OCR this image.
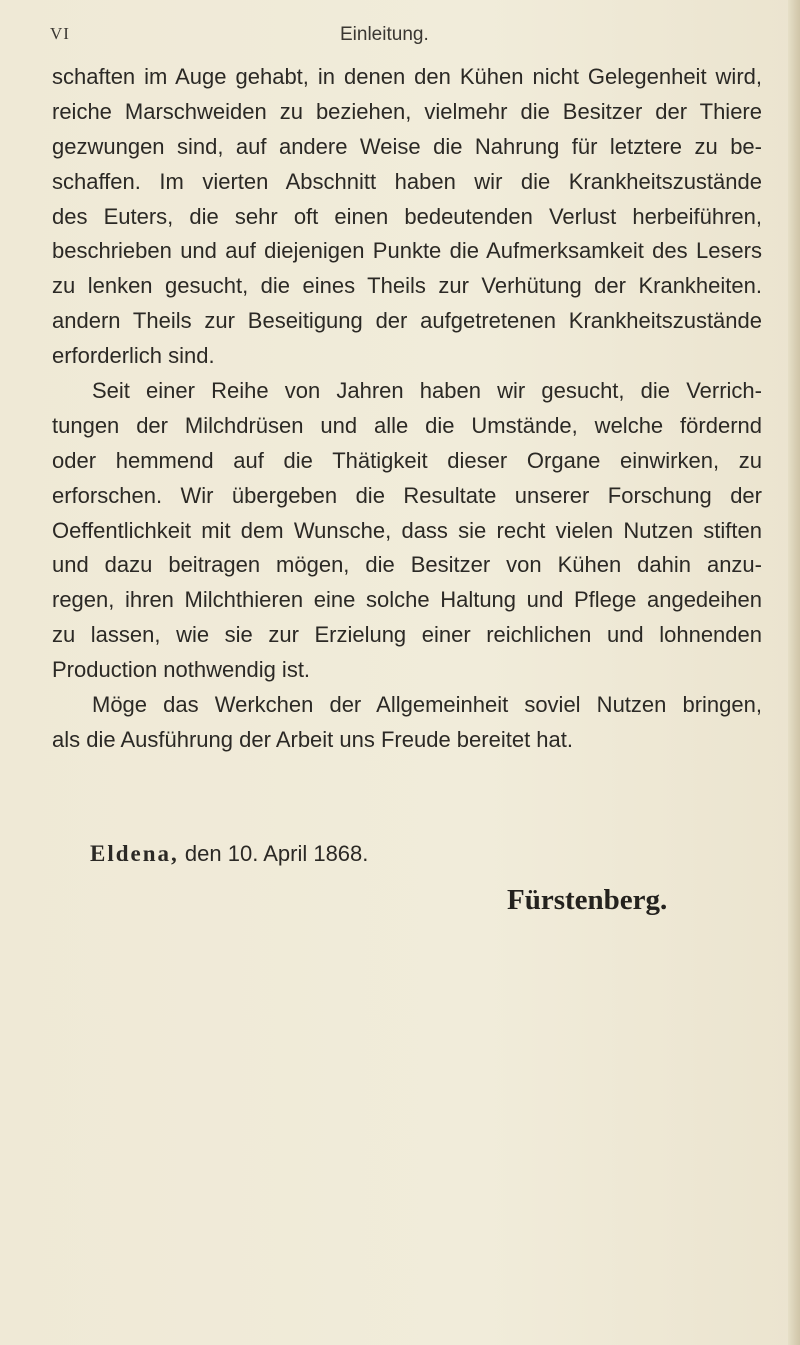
VI	Einleitung.
schaften im Auge gehabt, in denen den Kühen nicht Gelegenheit wird,
reiche Marschweiden zu beziehen, vielmehr die Besitzer der Thiere
gezwungen sind, auf andere Weise die Nahrung für letztere zu be-
schaffen. Im vierten Abschnitt haben wir die Krankheitszustände
des Euters, die sehr oft einen bedeutenden Verlust herbeiführen,
beschrieben und auf diejenigen Punkte die Aufmerksamkeit des Lesers
zu lenken gesucht, die eines Theils zur Verhütung der Krankheiten.
andern Theils zur Beseitigung der aufgetretenen Krankheitszustände
erforderlich sind.
Seit einer Reihe von Jahren haben wir gesucht, die Verrich-
tungen der Milchdrüsen und alle die Umstände, welche fördernd
oder hemmend auf die Thätigkeit dieser Organe einwirken, zu
erforschen. Wir übergeben die Resultate unserer Forschung der
Oeffentlichkeit mit dem Wunsche, dass sie recht vielen Nutzen stiften
und dazu beitragen mögen, die Besitzer von Kühen dahin anzu-
regen, ihren Milchthieren eine solche Haltung und Pflege angedeihen
zu lassen, wie sie zur Erzielung einer reichlichen und lohnenden
Production nothwendig ist.
Möge das Werkchen der Allgemeinheit soviel Nutzen bringen,
als die Ausführung der Arbeit uns Freude bereitet hat.
Eldena, den 10. April 1868.
Fürstenberg.
